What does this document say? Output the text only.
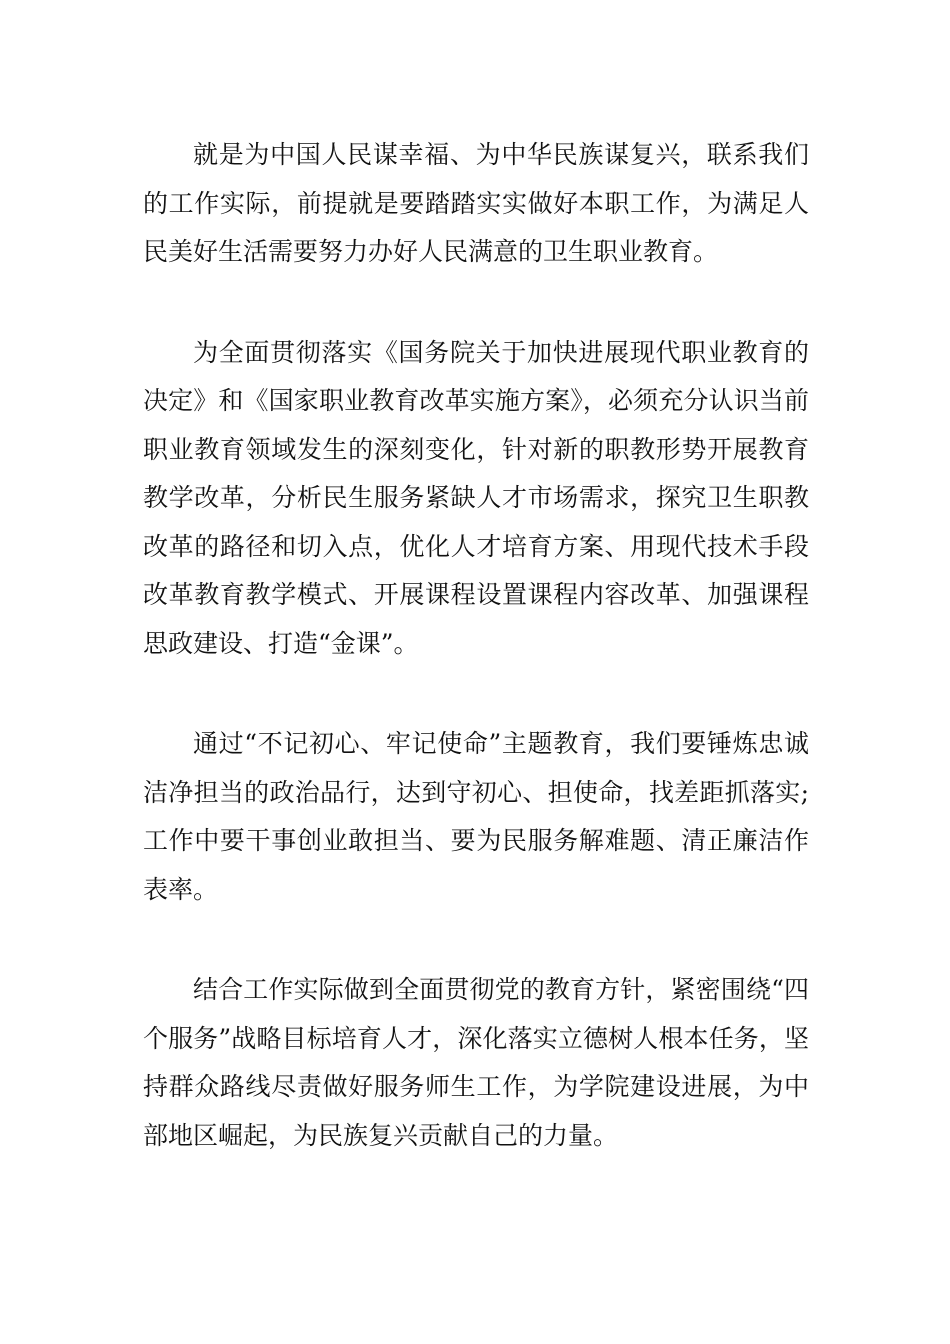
就是为中国人民谋幸福、为中华民族谋复兴，联系我们的工作实际，前提就是要踏踏实实做好本职工作，为满足人民美好生活需要努力办好人民满意的卫生职业教育。

为全面贯彻落实《国务院关于加快进展现代职业教育的决定》和《国家职业教育改革实施方案》，必须充分认识当前职业教育领域发生的深刻变化，针对新的职教形势开展教育教学改革，分析民生服务紧缺人才市场需求，探究卫生职教改革的路径和切入点，优化人才培育方案、用现代技术手段改革教育教学模式、开展课程设置课程内容改革、加强课程思政建设、打造“金课”。

通过“不记初心、牢记使命”主题教育，我们要锤炼忠诚洁净担当的政治品行，达到守初心、担使命，找差距抓落实;工作中要干事创业敢担当、要为民服务解难题、清正廉洁作表率。

结合工作实际做到全面贯彻党的教育方针，紧密围绕“四个服务”战略目标培育人才，深化落实立德树人根本任务，坚持群众路线尽责做好服务师生工作，为学院建设进展，为中部地区崛起，为民族复兴贡献自己的力量。
